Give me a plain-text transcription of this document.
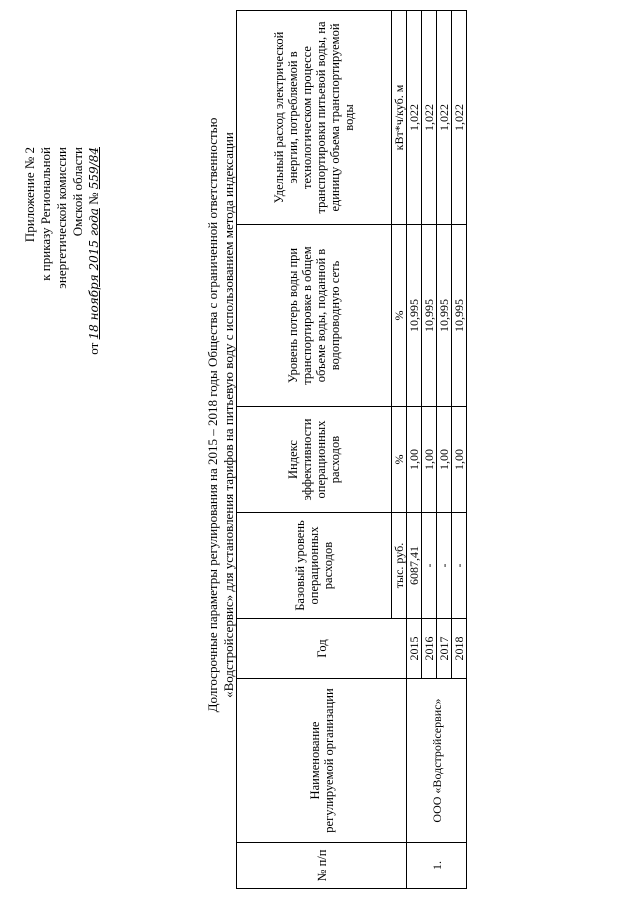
Приложение № 2 к приказу Региональной энергетической комиссии Омской области
от 18 ноября 2015 года № 559/84	Долгосрочные параметры регулирования на 2015 – 2018 годы Общества с ограниченной ответственностью «Водстройсервис» для установления тарифов на питьевую воду с использованием метода индексации
№ п/п	Наименование регулируемой организации	Год	Базовый уровень операционных расходов	Индекс эффективности операционных расходов	Уровень потерь воды при транспортировке в общем объеме воды, поданной в водопроводную сеть	Удельный расход электрической энергии, потребляемой в технологическом процессе транспортировки питьевой воды, на единицу объема транспортируемой воды
			тыс. руб.	%	%	кВт*ч/куб. м
1.	ООО «Водстройсервис»	2015	6087,41	1,00	10,995	1,022
		2016	-	1,00	10,995	1,022
		2017	-	1,00	10,995	1,022
		2018	-	1,00	10,995	1,022
